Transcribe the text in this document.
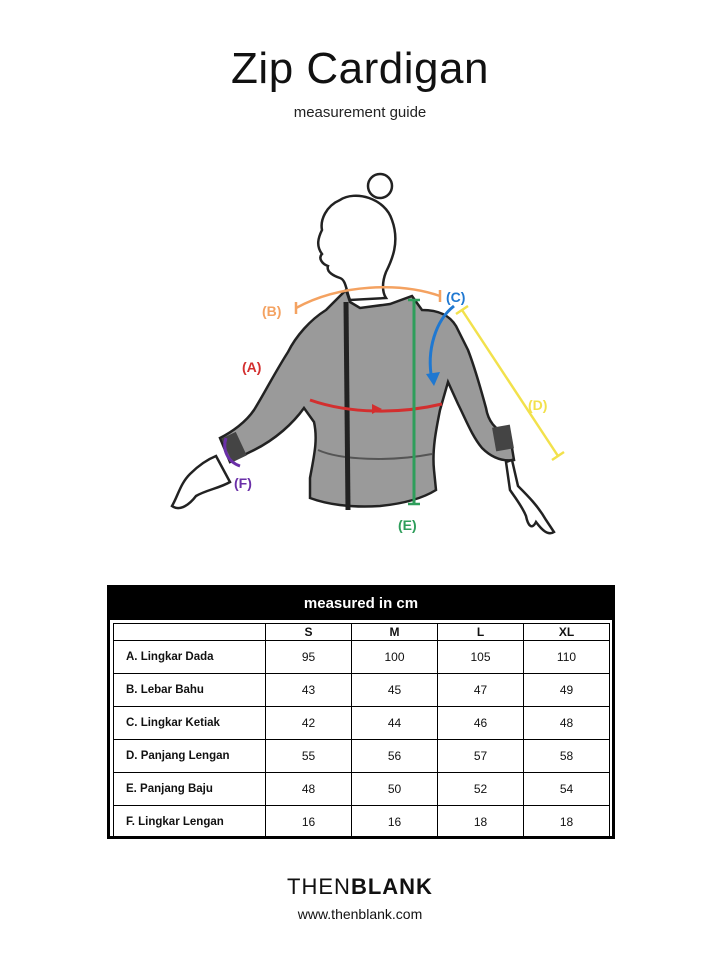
Zip Cardigan
measurement guide
(A)
(B)
(C)
(D)
(E)
(F)
measured in cm
	S	M	L	XL
A. Lingkar Dada	95	100	105	110
B. Lebar Bahu	43	45	47	49
C. Lingkar Ketiak	42	44	46	48
D. Panjang Lengan	55	56	57	58
E. Panjang Baju	48	50	52	54
F. Lingkar Lengan	16	16	18	18
THENBLANK
www.thenblank.com
